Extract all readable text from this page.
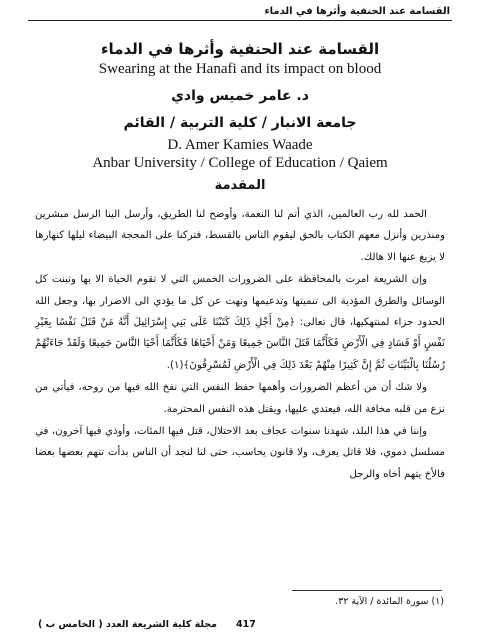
القسامة عند الحنفية وأثرها في الدماء
القسامة عند الحنفية وأثرها في الدماء
Swearing at the Hanafi and its impact on blood
د. عامر خميس وادي
جامعة الانبار / كلية التربية / القائم
D. Amer Kamies Waade
Anbar University / College of Education / Qaiem
المقدمة

الحمد لله رب العالمين، الذي أتم لنا النعمة، وأوضح لنا الطريق، وأرسل الينا الرسل مبشرين ومنذرين وأنزل معهم الكتاب بالحق ليقوم الناس بالقسط، فتركنا على المحجة البيضاء ليلها كنهارها لا يزيغ عنها الا هالك.

وإن الشريعة امرت بالمحافظة على الضرورات الخمس التي لا تقوم الحياة الا بها وتبنت كل الوسائل والطرق المؤدية الى تنميتها وتدعيمها ونهت عن كل ما يؤدي الى الاضرار بها، وجعل الله الحدود جزاء لمنتهكيها، قال تعالى: ﴿مِنْ أَجْلِ ذَلِكَ كَتَبْنَا عَلَى بَنِي إِسْرَائِيلَ أَنَّهُ مَنْ قَتَلَ نَفْسًا بِغَيْرِ نَفْسٍ أَوْ فَسَادٍ فِي الْأَرْضِ فَكَأَنَّمَا قَتَلَ النَّاسَ جَمِيعًا وَمَنْ أَحْيَاهَا فَكَأَنَّمَا أَحْيَا النَّاسَ جَمِيعًا وَلَقَدْ جَاءَتْهُمْ رُسُلُنَا بِالْبَيِّنَاتِ ثُمَّ إِنَّ كَثِيرًا مِنْهُمْ بَعْدَ ذَلِكَ فِي الْأَرْضِ لَمُسْرِفُونَ﴾(١).

ولا شك أن من أعظم الضرورات وأهمها حفظ النفس التي نفخ الله فيها من روحه، فيأتي من نزع من قلبه مخافة الله، فيعتدي عليها، ويقتل هذه النفس المحترمة.

وإننا في هذا البلد، شهدنا سنوات عجاف بعد الاحتلال، قتل فيها المئات، وأوذي فيها آخرون، في مسلسل دموي، فلا قاتل يعرف، ولا قانون يحاسب، حتى لنا لنجد أن الناس بدأت تتهم بعضها بعضا فالأخ يتهم أخاه والرجل

(١) سورة المائدة / الآية ٣٢.
مجلة كلية الشريعة العدد ( الخامس ب ) 417
